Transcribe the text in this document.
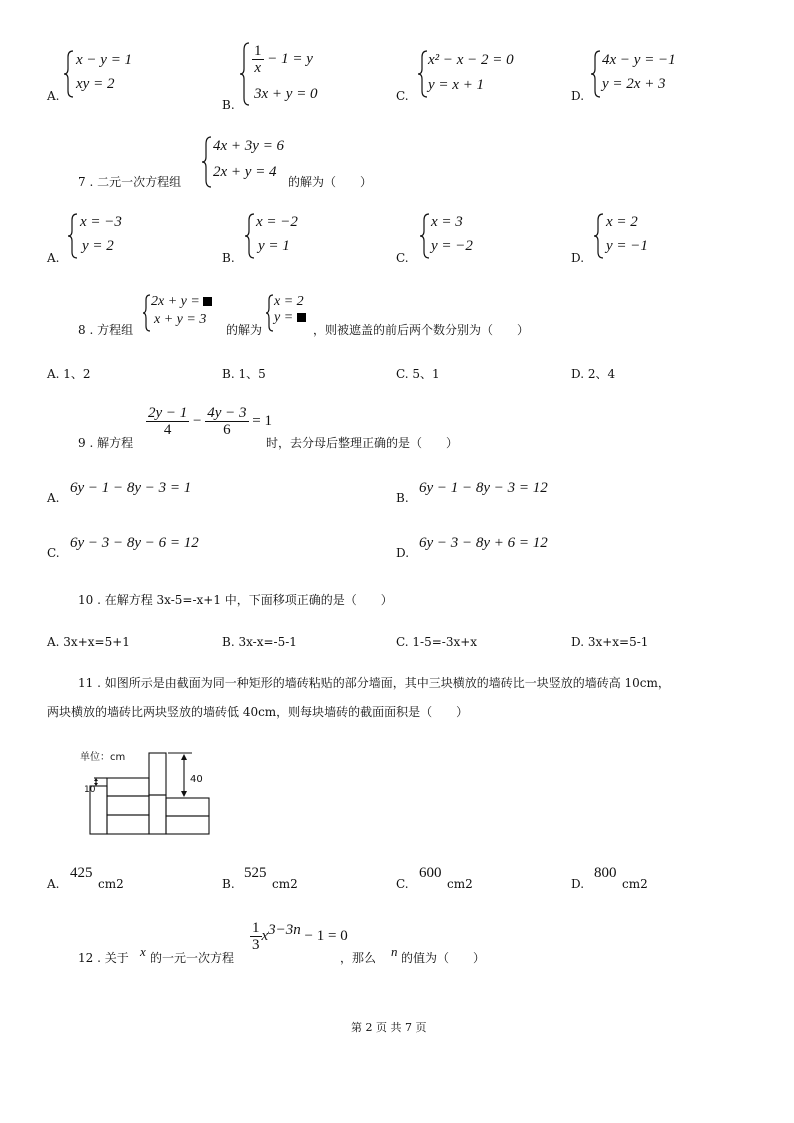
A.
x − y = 1
xy = 2
B.
$\frac{1}{x} - 1 = y$
3x + y = 0	C.
x² − x − 2 = 0
y = x + 1
D.
4x − y = −1
y = 2x + 3
7 . 二元一次方程组
4x + 3y = 6
2x + y = 4
的解为（　　）
A.
x = −3
y = 2
B.
x = −2
y = 1
C.
x = 3
y = −2
D.
x = 2
y = −1
8 . 方程组
2x + y =
x + y = 3
的解为
x = 2
y =
，则被遮盖的前后两个数分别为（　　）
A. 1、2	B. 1、5	C. 5、1	D. 2、4
9 . 解方程
$\frac{2y - 1}{4} - \frac{4y - 3}{6} = 1$
时，去分母后整理正确的是（　　）
A.
6y − 1 − 8y − 3 = 1
B.
6y − 1 − 8y − 3 = 12
C.
6y − 3 − 8y − 6 = 12
D.
6y − 3 − 8y + 6 = 12
10 . 在解方程 3x-5=-x+1 中，下面移项正确的是（　　）
A. 3x+x=5+1	B. 3x-x=-5-1	C. 1-5=-3x+x	D. 3x+x=5-1
11 . 如图所示是由截面为同一种矩形的墙砖粘贴的部分墙面，其中三块横放的墙砖比一块竖放的墙砖高 10cm，
两块横放的墙砖比两块竖放的墙砖低 40cm，则每块墙砖的截面面积是（　　）
单位：cm
40
10
A.
425
cm2	B.
525
cm2	C.
600
cm2	D.
800
cm2
12 . 关于 x 的一元一次方程
$\frac{1}{3} x^{3-3n} - 1 = 0$
，那么 n 的值为（　　）
第 2 页 共 7 页
